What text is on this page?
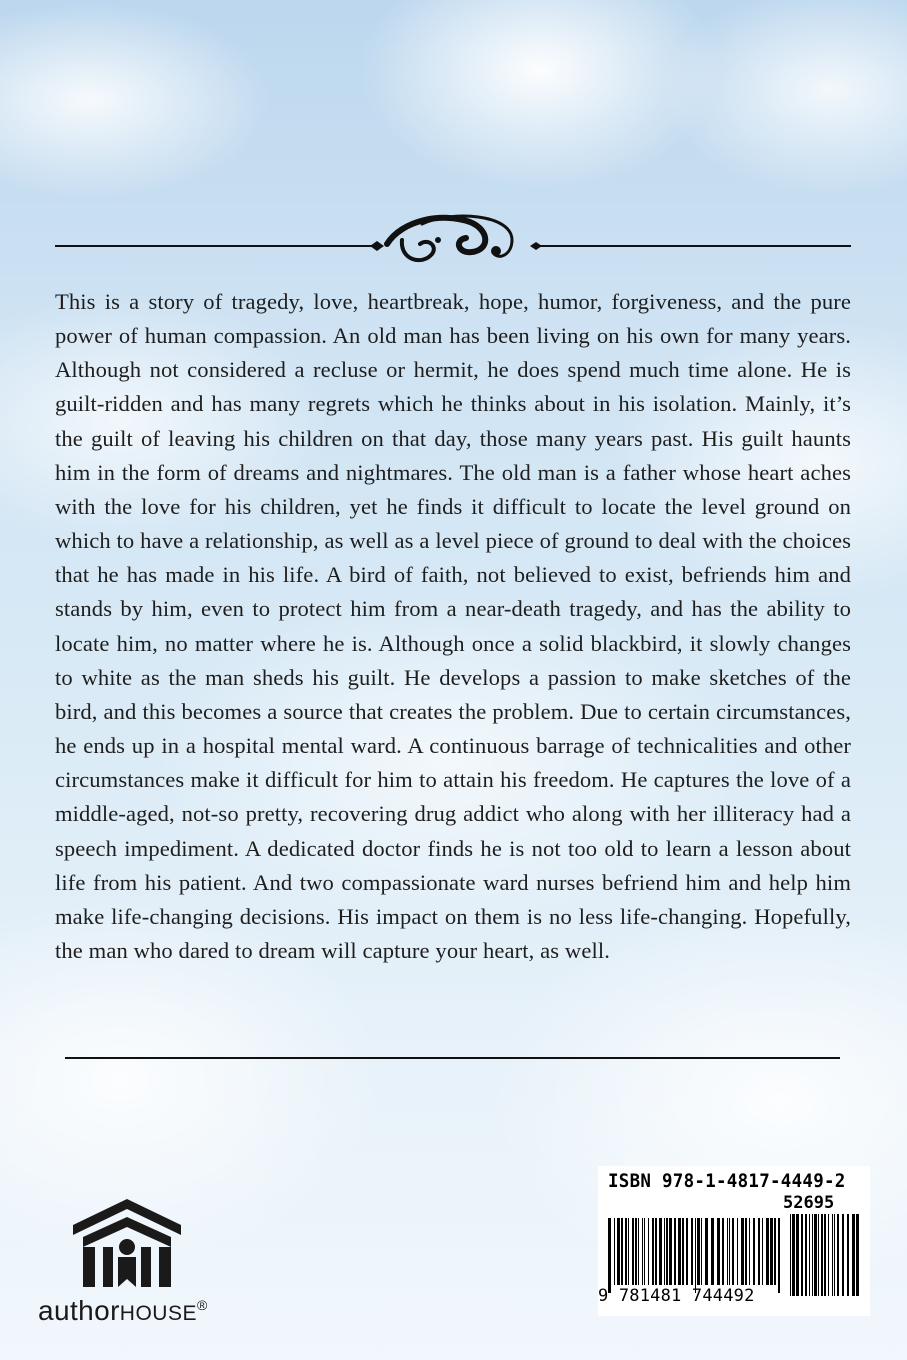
This is a story of tragedy, love, heartbreak, hope, humor, forgiveness, and the pure power of human compassion. An old man has been living on his own for many years. Although not considered a recluse or hermit, he does spend much time alone. He is guilt-ridden and has many regrets which he thinks about in his isolation. Mainly, it’s the guilt of leaving his children on that day, those many years past. His guilt haunts him in the form of dreams and nightmares. The old man is a father whose heart aches with the love for his children, yet he finds it difficult to locate the level ground on which to have a relationship, as well as a level piece of ground to deal with the choices that he has made in his life. A bird of faith, not believed to exist, befriends him and stands by him, even to protect him from a near-death tragedy, and has the ability to locate him, no matter where he is. Although once a solid blackbird, it slowly changes to white as the man sheds his guilt. He develops a passion to make sketches of the bird, and this becomes a source that creates the problem. Due to certain circumstances, he ends up in a hospital mental ward. A continuous barrage of technicalities and other circumstances make it difficult for him to attain his freedom. He captures the love of a middle-aged, not-so pretty, recovering drug addict who along with her illiteracy had a speech impediment. A dedicated doctor finds he is not too old to learn a lesson about life from his patient. And two compassionate ward nurses befriend him and help him make life-changing decisions. His impact on them is no less life-changing. Hopefully, the man who dared to dream will capture your heart, as well.

authorHOUSE®

ISBN 978-1-4817-4449-2

52695

9 781481 744492
